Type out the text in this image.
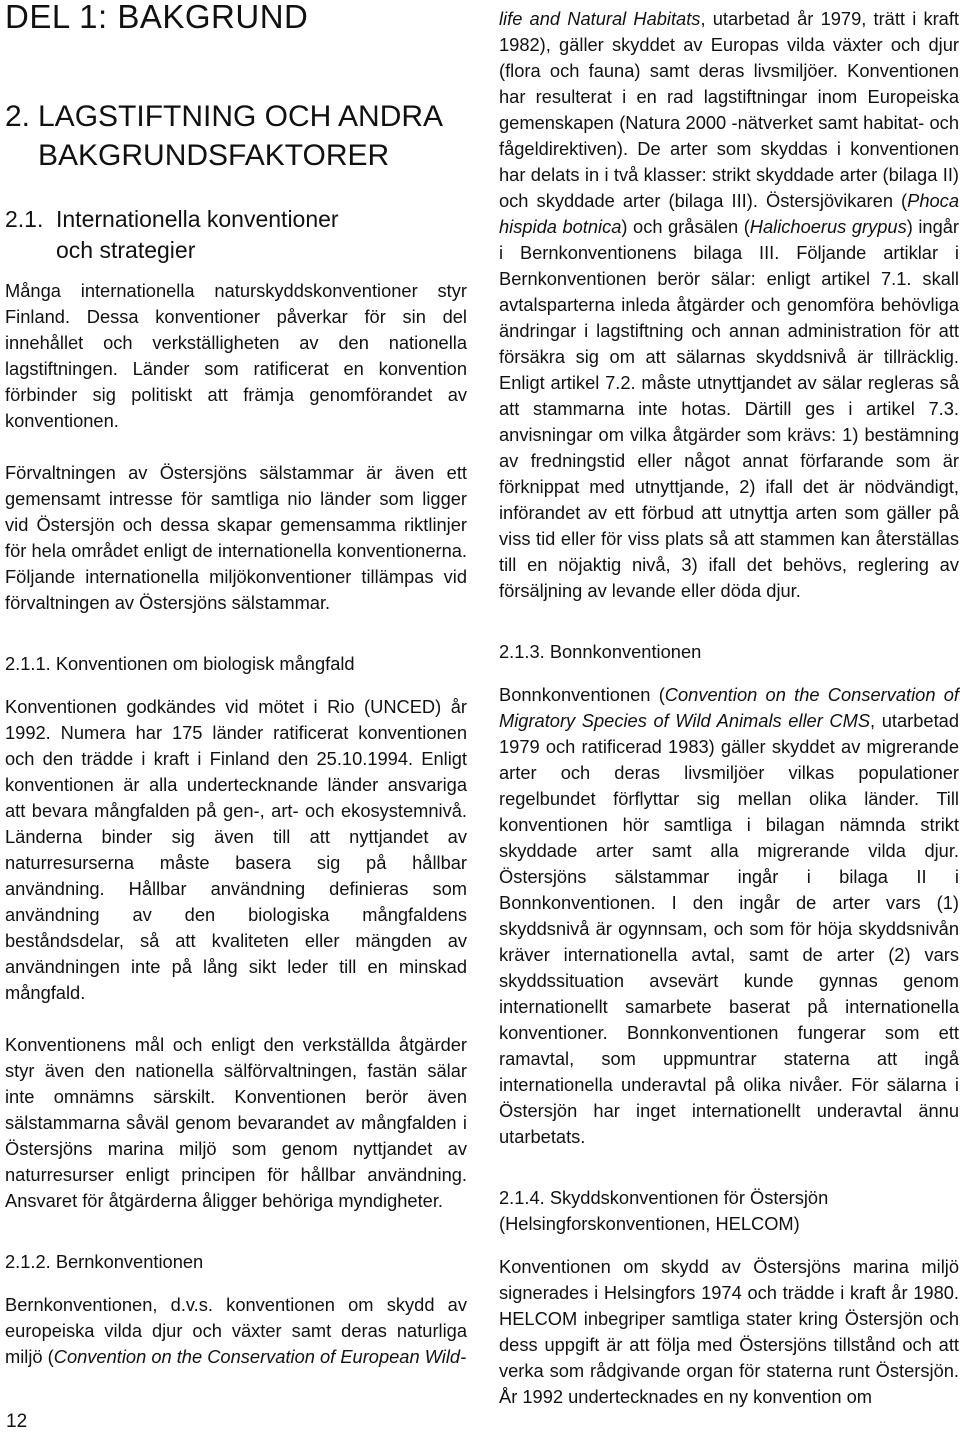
DEL 1: BAKGRUND
2. LAGSTIFTNING OCH ANDRA
BAKGRUNDSFAKTORER
2.1. Internationella konventioner
och strategier

Många internationella naturskyddskonventioner styr Finland. Dessa konventioner påverkar för sin del innehållet och verkställigheten av den nationella lagstiftningen. Länder som ratificerat en konvention förbinder sig politiskt att främja genomförandet av konventionen.

Förvaltningen av Östersjöns sälstammar är även ett gemensamt intresse för samtliga nio länder som ligger vid Östersjön och dessa skapar gemensamma riktlinjer för hela området enligt de internationella konventionerna. Följande internationella miljökonventioner tillämpas vid förvaltningen av Östersjöns sälstammar.

2.1.1. Konventionen om biologisk mångfald

Konventionen godkändes vid mötet i Rio (UNCED) år 1992. Numera har 175 länder ratificerat konventionen och den trädde i kraft i Finland den 25.10.1994. Enligt konventionen är alla undertecknande länder ansvariga att bevara mångfalden på gen-, art- och ekosystemnivå. Länderna binder sig även till att nyttjandet av naturresurserna måste basera sig på hållbar användning. Hållbar användning definieras som användning av den biologiska mångfaldens beståndsdelar, så att kvaliteten eller mängden av användningen inte på lång sikt leder till en minskad mångfald.

Konventionens mål och enligt den verkställda åtgärder styr även den nationella sälförvaltningen, fastän sälar inte omnämns särskilt. Konventionen berör även sälstammarna såväl genom bevarandet av mångfalden i Östersjöns marina miljö som genom nyttjandet av naturresurser enligt principen för hållbar användning. Ansvaret för åtgärderna åligger behöriga myndigheter.

2.1.2. Bernkonventionen

Bernkonventionen, d.v.s. konventionen om skydd av europeiska vilda djur och växter samt deras naturliga miljö (Convention on the Conservation of European Wild-

life and Natural Habitats, utarbetad år 1979, trätt i kraft 1982), gäller skyddet av Europas vilda växter och djur (flora och fauna) samt deras livsmiljöer. Konventionen har resulterat i en rad lagstiftningar inom Europeiska gemenskapen (Natura 2000 -nätverket samt habitat- och fågeldirektiven). De arter som skyddas i konventionen har delats in i två klasser: strikt skyddade arter (bilaga II) och skyddade arter (bilaga III). Östersjövikaren (Phoca hispida botnica) och gråsälen (Halichoerus grypus) ingår i Bernkonventionens bilaga III. Följande artiklar i Bernkonventionen berör sälar: enligt artikel 7.1. skall avtalsparterna inleda åtgärder och genomföra behövliga ändringar i lagstiftning och annan administration för att försäkra sig om att sälarnas skyddsnivå är tillräcklig. Enligt artikel 7.2. måste utnyttjandet av sälar regleras så att stammarna inte hotas. Därtill ges i artikel 7.3. anvisningar om vilka åtgärder som krävs: 1) bestämning av fredningstid eller något annat förfarande som är förknippat med utnyttjande, 2) ifall det är nödvändigt, införandet av ett förbud att utnyttja arten som gäller på viss tid eller för viss plats så att stammen kan återställas till en nöjaktig nivå, 3) ifall det behövs, reglering av försäljning av levande eller döda djur.

2.1.3. Bonnkonventionen

Bonnkonventionen (Convention on the Conservation of Migratory Species of Wild Animals eller CMS, utarbetad 1979 och ratificerad 1983) gäller skyddet av migrerande arter och deras livsmiljöer vilkas populationer regelbundet förflyttar sig mellan olika länder. Till konventionen hör samtliga i bilagan nämnda strikt skyddade arter samt alla migrerande vilda djur. Östersjöns sälstammar ingår i bilaga II i Bonnkonventionen. I den ingår de arter vars (1) skyddsnivå är ogynnsam, och som för höja skyddsnivån kräver internationella avtal, samt de arter (2) vars skyddssituation avsevärt kunde gynnas genom internationellt samarbete baserat på internationella konventioner. Bonnkonventionen fungerar som ett ramavtal, som uppmuntrar staterna att ingå internationella underavtal på olika nivåer. För sälarna i Östersjön har inget internationellt underavtal ännu utarbetats.

2.1.4. Skyddskonventionen för Östersjön
(Helsingforskonventionen, HELCOM)

Konventionen om skydd av Östersjöns marina miljö signerades i Helsingfors 1974 och trädde i kraft år 1980. HELCOM inbegriper samtliga stater kring Östersjön och dess uppgift är att följa med Östersjöns tillstånd och att verka som rådgivande organ för staterna runt Östersjön. År 1992 undertecknades en ny konvention om

12
